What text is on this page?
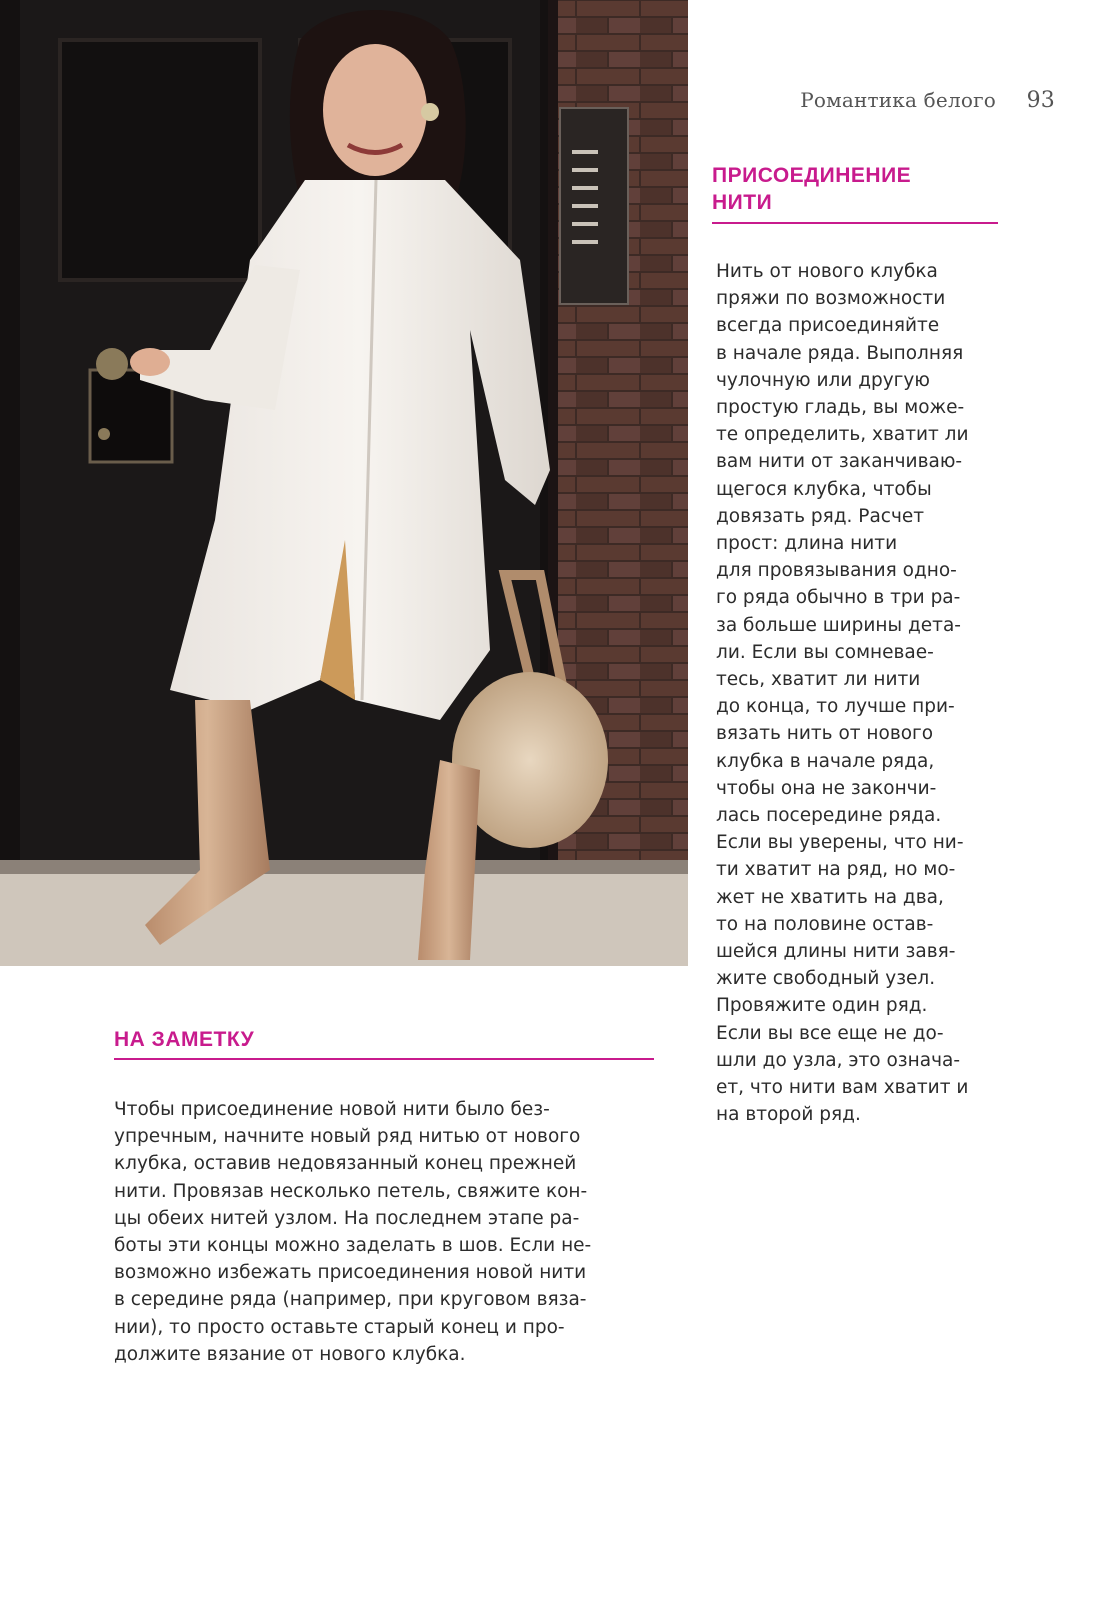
Романтика белого 93
ПРИСОЕДИНЕНИЕ
НИТИ
Нить от нового клубка
пряжи по возможности
всегда присоединяйте
в начале ряда. Выполняя
чулочную или другую
простую гладь, вы може-
те определить, хватит ли
вам нити от заканчиваю-
щегося клубка, чтобы
довязать ряд. Расчет
прост: длина нити
для провязывания одно-
го ряда обычно в три ра-
за больше ширины дета-
ли. Если вы сомневае-
тесь, хватит ли нити
до конца, то лучше при-
вязать нить от нового
клубка в начале ряда,
чтобы она не закончи-
лась посередине ряда.
Если вы уверены, что ни-
ти хватит на ряд, но мо-
жет не хватить на два,
то на половине остав-
шейся длины нити завя-
жите свободный узел.
Провяжите один ряд.
Если вы все еще не до-
шли до узла, это означа-
ет, что нити вам хватит и
на второй ряд.
НА ЗАМЕТКУ
Чтобы присоединение новой нити было без-
упречным, начните новый ряд нитью от нового
клубка, оставив недовязанный конец прежней
нити. Провязав несколько петель, свяжите кон-
цы обеих нитей узлом. На последнем этапе ра-
боты эти концы можно заделать в шов. Если не-
возможно избежать присоединения новой нити
в середине ряда (например, при круговом вяза-
нии), то просто оставьте старый конец и про-
должите вязание от нового клубка.
